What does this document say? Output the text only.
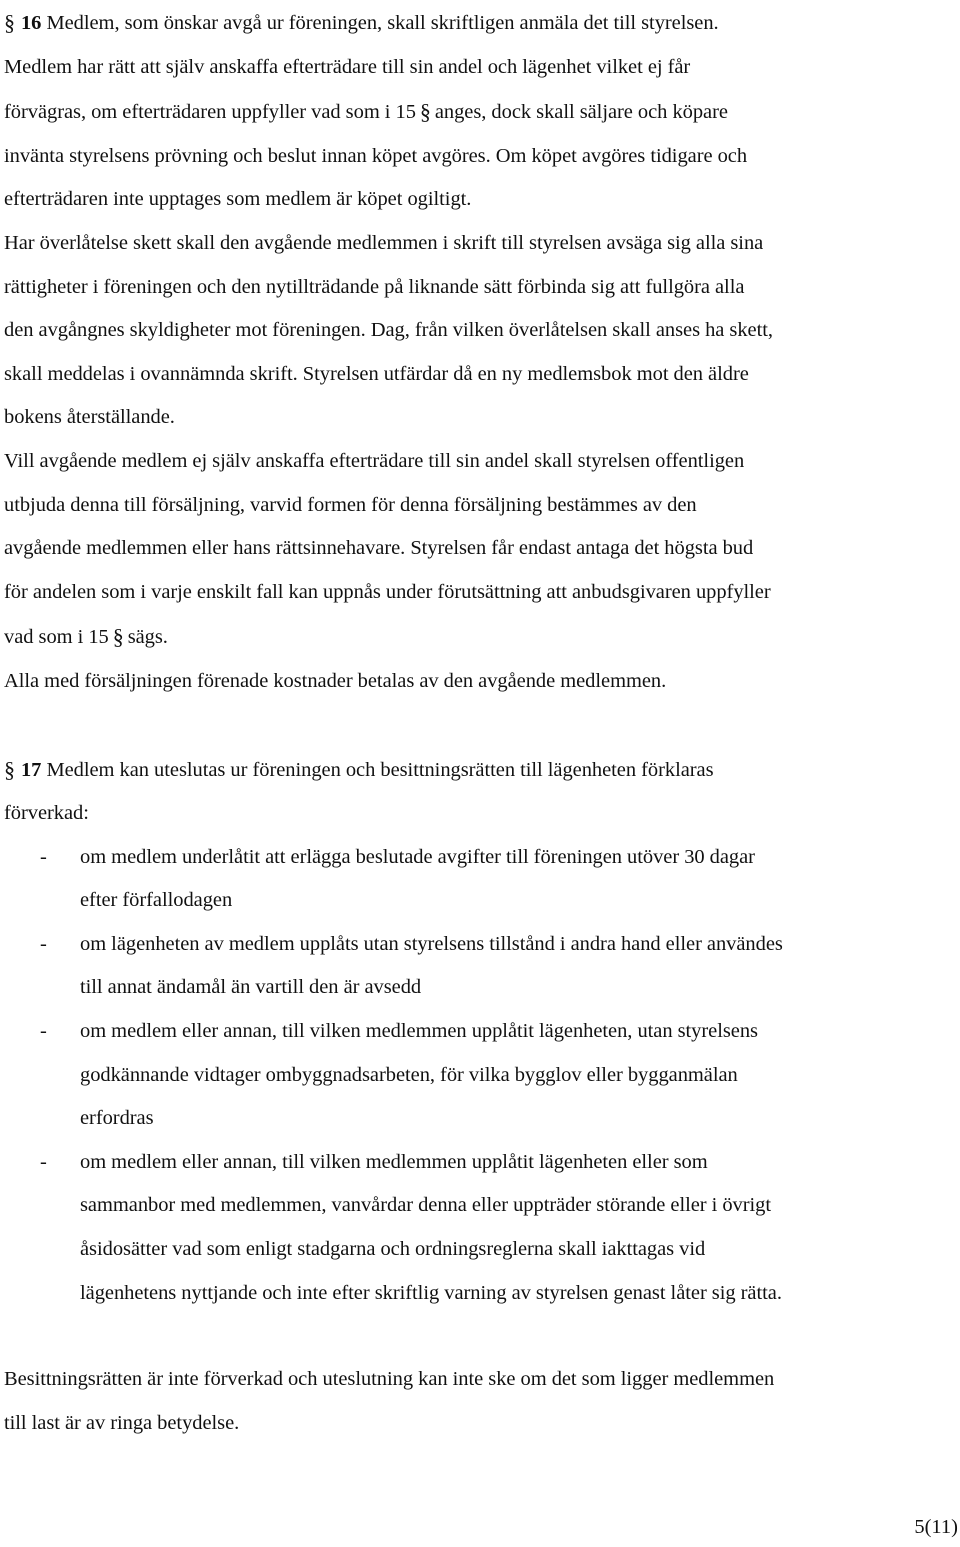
§ 16 Medlem, som önskar avgå ur föreningen, skall skriftligen anmäla det till styrelsen.
Medlem har rätt att själv anskaffa efterträdare till sin andel och lägenhet vilket ej får
förvägras, om efterträdaren uppfyller vad som i 15 § anges, dock skall säljare och köpare
invänta styrelsens prövning och beslut innan köpet avgöres. Om köpet avgöres tidigare och
efterträdaren inte upptages som medlem är köpet ogiltigt.
Har överlåtelse skett skall den avgående medlemmen i skrift till styrelsen avsäga sig alla sina
rättigheter i föreningen och den nytillträdande på liknande sätt förbinda sig att fullgöra alla
den avgångnes skyldigheter mot föreningen. Dag, från vilken överlåtelsen skall anses ha skett,
skall meddelas i ovannämnda skrift. Styrelsen utfärdar då en ny medlemsbok mot den äldre
bokens återställande.
Vill avgående medlem ej själv anskaffa efterträdare till sin andel skall styrelsen offentligen
utbjuda denna till försäljning, varvid formen för denna försäljning bestämmes av den
avgående medlemmen eller hans rättsinnehavare. Styrelsen får endast antaga det högsta bud
för andelen som i varje enskilt fall kan uppnås under förutsättning att anbudsgivaren uppfyller
vad som i 15 § sägs.
Alla med försäljningen förenade kostnader betalas av den avgående medlemmen.
§ 17 Medlem kan uteslutas ur föreningen och besittningsrätten till lägenheten förklaras
förverkad:
- om medlem underlåtit att erlägga beslutade avgifter till föreningen utöver 30 dagar
efter förfallodagen
- om lägenheten av medlem upplåts utan styrelsens tillstånd i andra hand eller användes
till annat ändamål än vartill den är avsedd
- om medlem eller annan, till vilken medlemmen upplåtit lägenheten, utan styrelsens
godkännande vidtager ombyggnadsarbeten, för vilka bygglov eller bygganmälan
erfordras
- om medlem eller annan, till vilken medlemmen upplåtit lägenheten eller som
sammanbor med medlemmen, vanvårdar denna eller uppträder störande eller i övrigt
åsidosätter vad som enligt stadgarna och ordningsreglerna skall iakttagas vid
lägenhetens nyttjande och inte efter skriftlig varning av styrelsen genast låter sig rätta.
Besittningsrätten är inte förverkad och uteslutning kan inte ske om det som ligger medlemmen
till last är av ringa betydelse.
5(11)
